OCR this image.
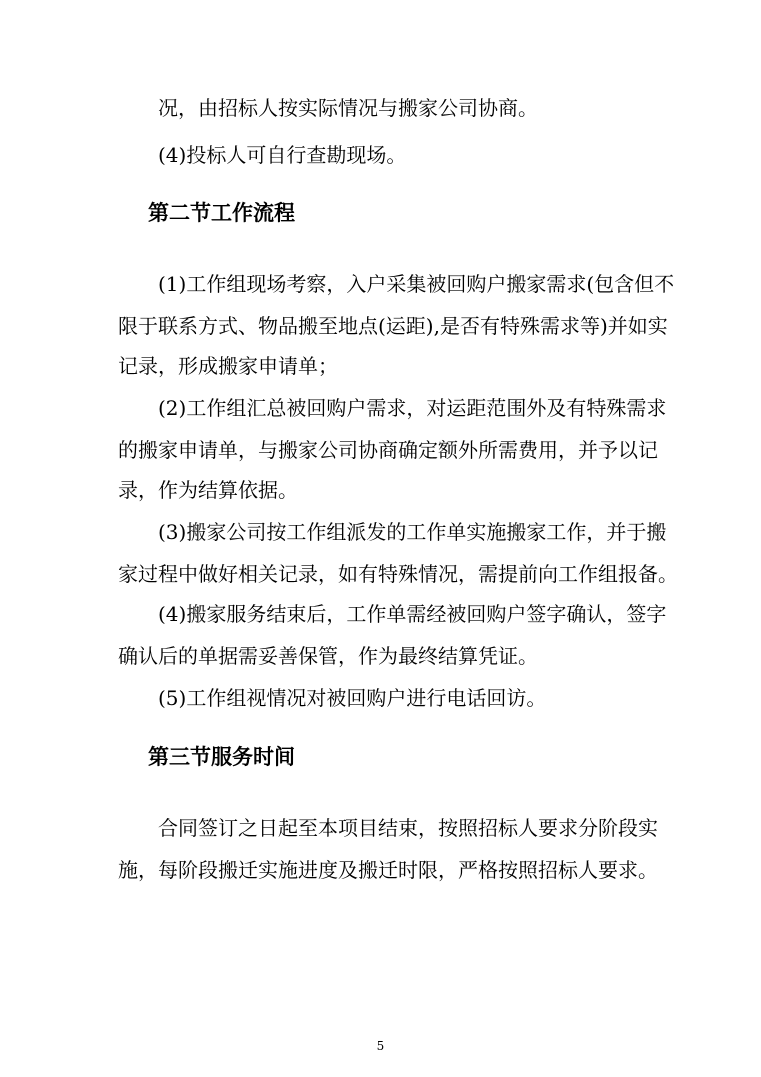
况，由招标人按实际情况与搬家公司协商。
(4)投标人可自行查勘现场。
第二节工作流程
(1)工作组现场考察，入户采集被回购户搬家需求(包含但不
限于联系方式、物品搬至地点(运距),是否有特殊需求等)并如实
记录，形成搬家申请单；
(2)工作组汇总被回购户需求，对运距范围外及有特殊需求
的搬家申请单，与搬家公司协商确定额外所需费用，并予以记
录，作为结算依据。
(3)搬家公司按工作组派发的工作单实施搬家工作，并于搬
家过程中做好相关记录，如有特殊情况，需提前向工作组报备。
(4)搬家服务结束后，工作单需经被回购户签字确认，签字
确认后的单据需妥善保管，作为最终结算凭证。
(5)工作组视情况对被回购户进行电话回访。
第三节服务时间
合同签订之日起至本项目结束，按照招标人要求分阶段实
施，每阶段搬迁实施进度及搬迁时限，严格按照招标人要求。
5
